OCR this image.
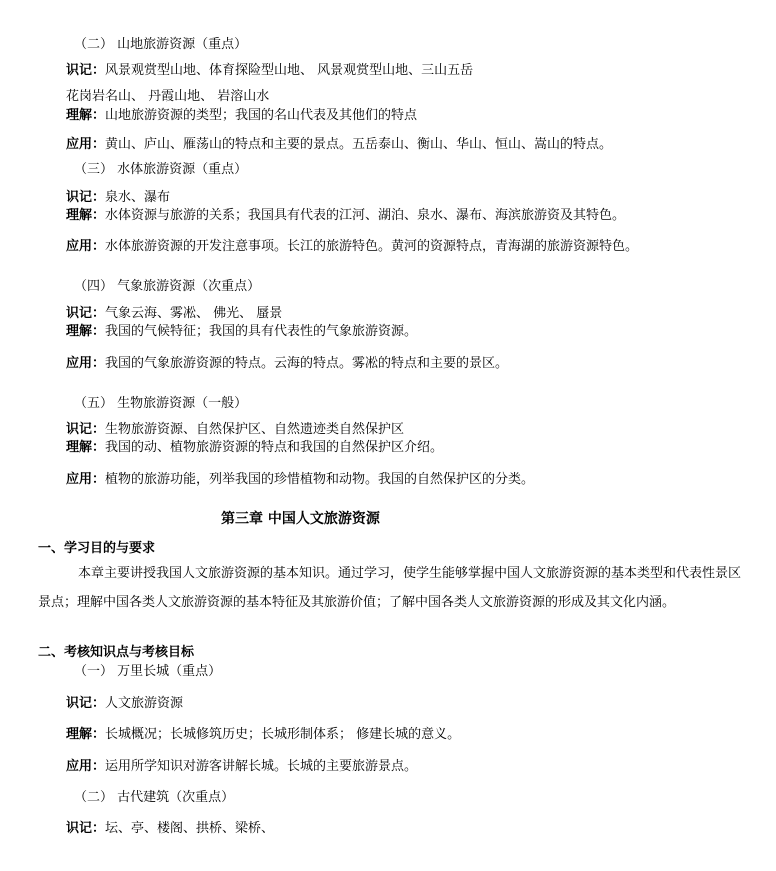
（二） 山地旅游资源（重点）
识记：风景观赏型山地、体育探险型山地、 风景观赏型山地、三山五岳
花岗岩名山、 丹霞山地、 岩溶山水
理解：山地旅游资源的类型；我国的名山代表及其他们的特点
应用：黄山、庐山、雁荡山的特点和主要的景点。五岳泰山、衡山、华山、恒山、嵩山的特点。
（三） 水体旅游资源（重点）
识记：泉水、瀑布
理解：水体资源与旅游的关系；我国具有代表的江河、湖泊、泉水、瀑布、海滨旅游资及其特色。
应用：水体旅游资源的开发注意事项。长江的旅游特色。黄河的资源特点，青海湖的旅游资源特色。
（四） 气象旅游资源（次重点）
识记：气象云海、雾凇、 佛光、 蜃景
理解：我国的气候特征；我国的具有代表性的气象旅游资源。
应用：我国的气象旅游资源的特点。云海的特点。雾凇的特点和主要的景区。
（五） 生物旅游资源（一般）
识记：生物旅游资源、自然保护区、自然遗迹类自然保护区
理解：我国的动、植物旅游资源的特点和我国的自然保护区介绍。
应用：植物的旅游功能，列举我国的珍惜植物和动物。我国的自然保护区的分类。
第三章 中国人文旅游资源
一、学习目的与要求
本章主要讲授我国人文旅游资源的基本知识。通过学习，使学生能够掌握中国人文旅游资源的基本类型和代表性景区景点；理解中国各类人文旅游资源的基本特征及其旅游价值；了解中国各类人文旅游资源的形成及其文化内涵。
二、考核知识点与考核目标
（一） 万里长城（重点）
识记：人文旅游资源
理解：长城概况；长城修筑历史；长城形制体系； 修建长城的意义。
应用：运用所学知识对游客讲解长城。长城的主要旅游景点。
（二） 古代建筑（次重点）
识记：坛、亭、楼阁、拱桥、梁桥、
